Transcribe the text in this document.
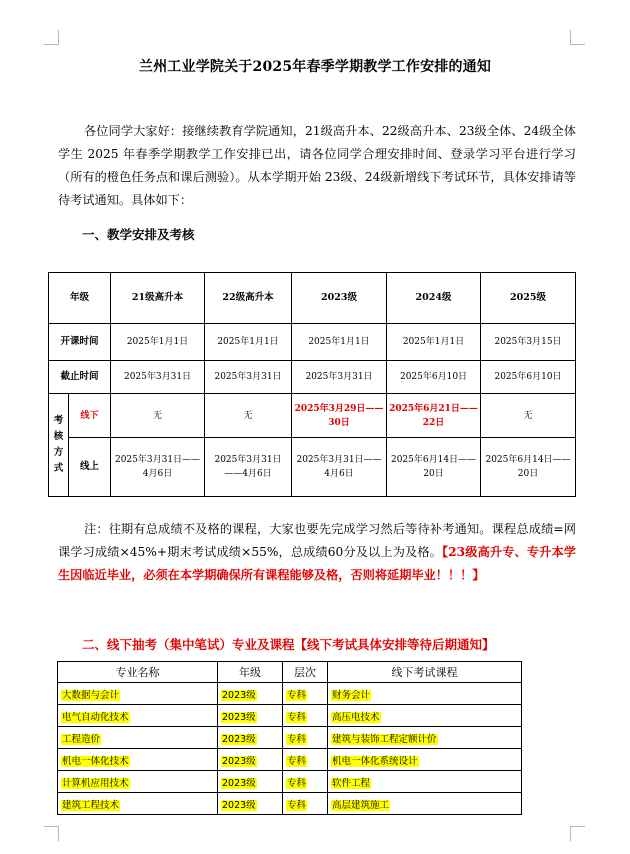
兰州工业学院关于2025年春季学期教学工作安排的通知
各位同学大家好：接继续教育学院通知，21级高升本、22级高升本、23级全体、24级全体学生 2025 年春季学期教学工作安排已出，请各位同学合理安排时间、登录学习平台进行学习（所有的橙色任务点和课后测验）。从本学期开始 23级、24级新增线下考试环节，具体安排请等待考试通知。具体如下：
一、教学安排及考核
年级		21级高升本	22级高升本	2023级	2024级	2025级
开课时间		2025年1月1日	2025年1月1日	2025年1月1日	2025年1月1日	2025年3月15日
截止时间		2025年3月31日	2025年3月31日	2025年3月31日	2025年6月10日	2025年6月10日

考核方式	线下	无	无	2025年3月29日——30日	2025年6月21日——22日	无
	线上	2025年3月31日——4月6日	2025年3月31日——4月6日	2025年3月31日——4月6日	2025年6月14日——20日	2025年6月14日——20日
注：往期有总成绩不及格的课程，大家也要先完成学习然后等待补考通知。课程总成绩=网课学习成绩×45%+期末考试成绩×55%，总成绩60分及以上为及格。【23级高升专、专升本学生因临近毕业，必须在本学期确保所有课程能够及格，否则将延期毕业！！！】
二、线下抽考（集中笔试）专业及课程【线下考试具体安排等待后期通知】
专业名称	年级	层次	线下考试课程
大数据与会计	2023级	专科	财务会计
电气自动化技术	2023级	专科	高压电技术
工程造价	2023级	专科	建筑与装饰工程定额计价
机电一体化技术	2023级	专科	机电一体化系统设计
计算机应用技术	2023级	专科	软件工程
建筑工程技术	2023级	专科	高层建筑施工
